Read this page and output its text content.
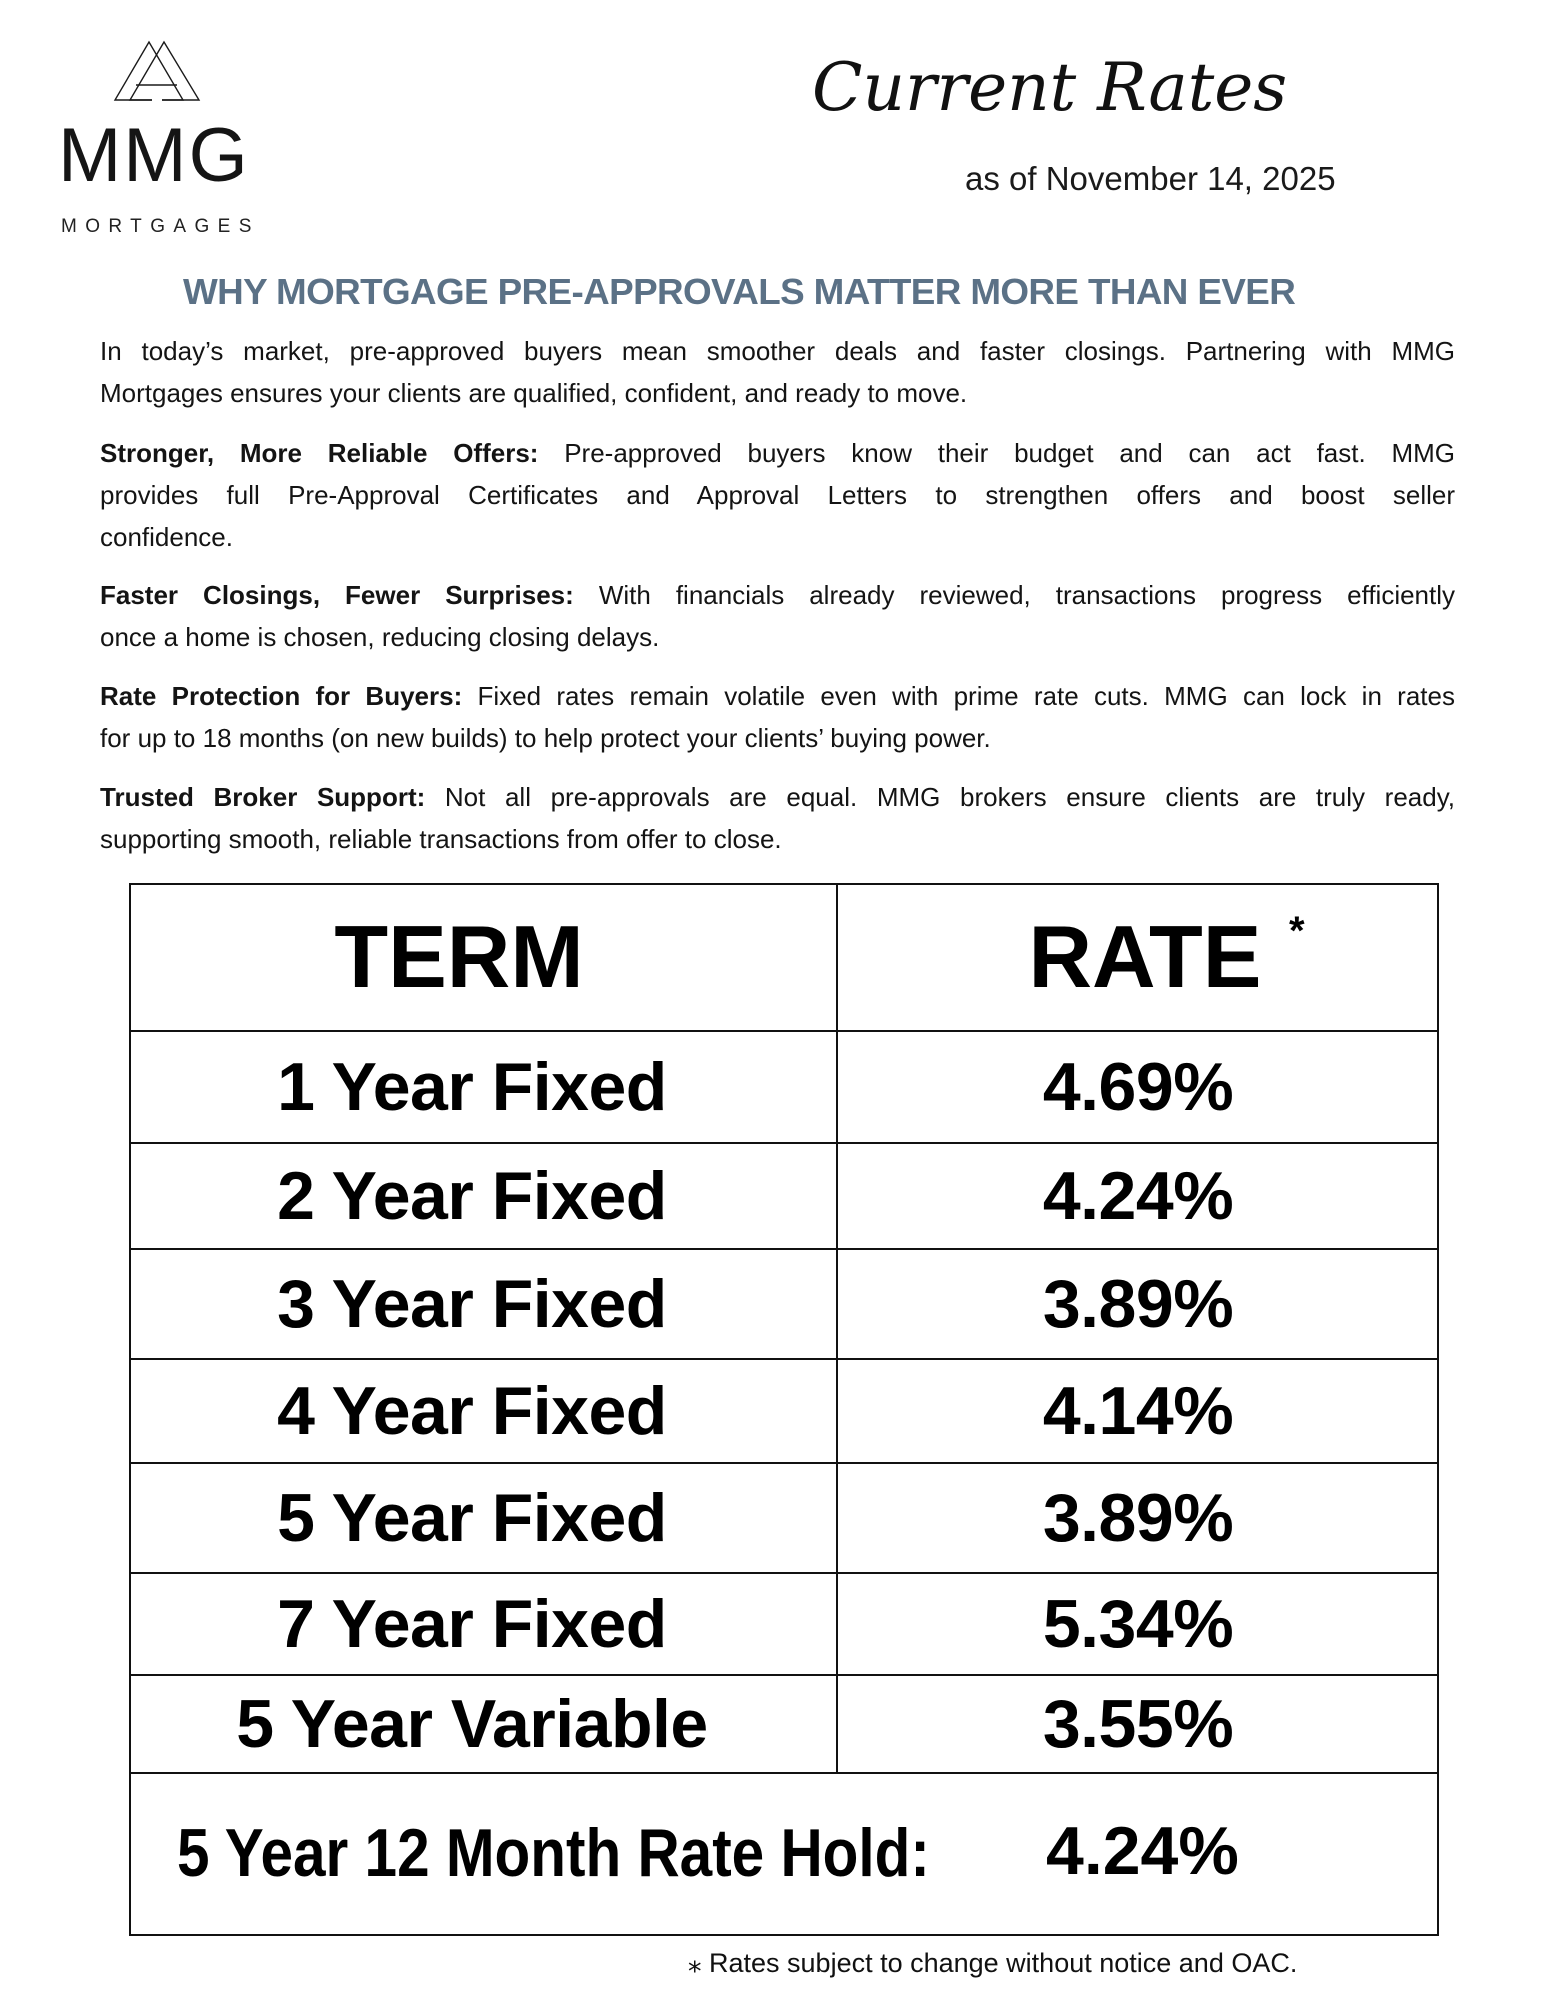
MMG
MORTGAGES
Current Rates
as of November 14, 2025
WHY MORTGAGE PRE-APPROVALS MATTER MORE THAN EVER
In today’s market, pre-approved buyers mean smoother deals and faster closings. Partnering with MMG
Mortgages ensures your clients are qualified, confident, and ready to move.
Stronger, More Reliable Offers: Pre-approved buyers know their budget and can act fast. MMG
provides full Pre-Approval Certificates and Approval Letters to strengthen offers and boost seller
confidence.
Faster Closings, Fewer Surprises: With financials already reviewed, transactions progress efficiently
once a home is chosen, reducing closing delays.
Rate Protection for Buyers: Fixed rates remain volatile even with prime rate cuts. MMG can lock in rates
for up to 18 months (on new builds) to help protect your clients’ buying power.
Trusted Broker Support: Not all pre-approvals are equal. MMG brokers ensure clients are truly ready,
supporting smooth, reliable transactions from offer to close.
TERM	RATE *
1 Year Fixed	4.69%
2 Year Fixed	4.24%
3 Year Fixed	3.89%
4 Year Fixed	4.14%
5 Year Fixed	3.89%
7 Year Fixed	5.34%
5 Year Variable	3.55%
5 Year 12 Month Rate Hold: 4.24%
⁎ Rates subject to change without notice and OAC.
